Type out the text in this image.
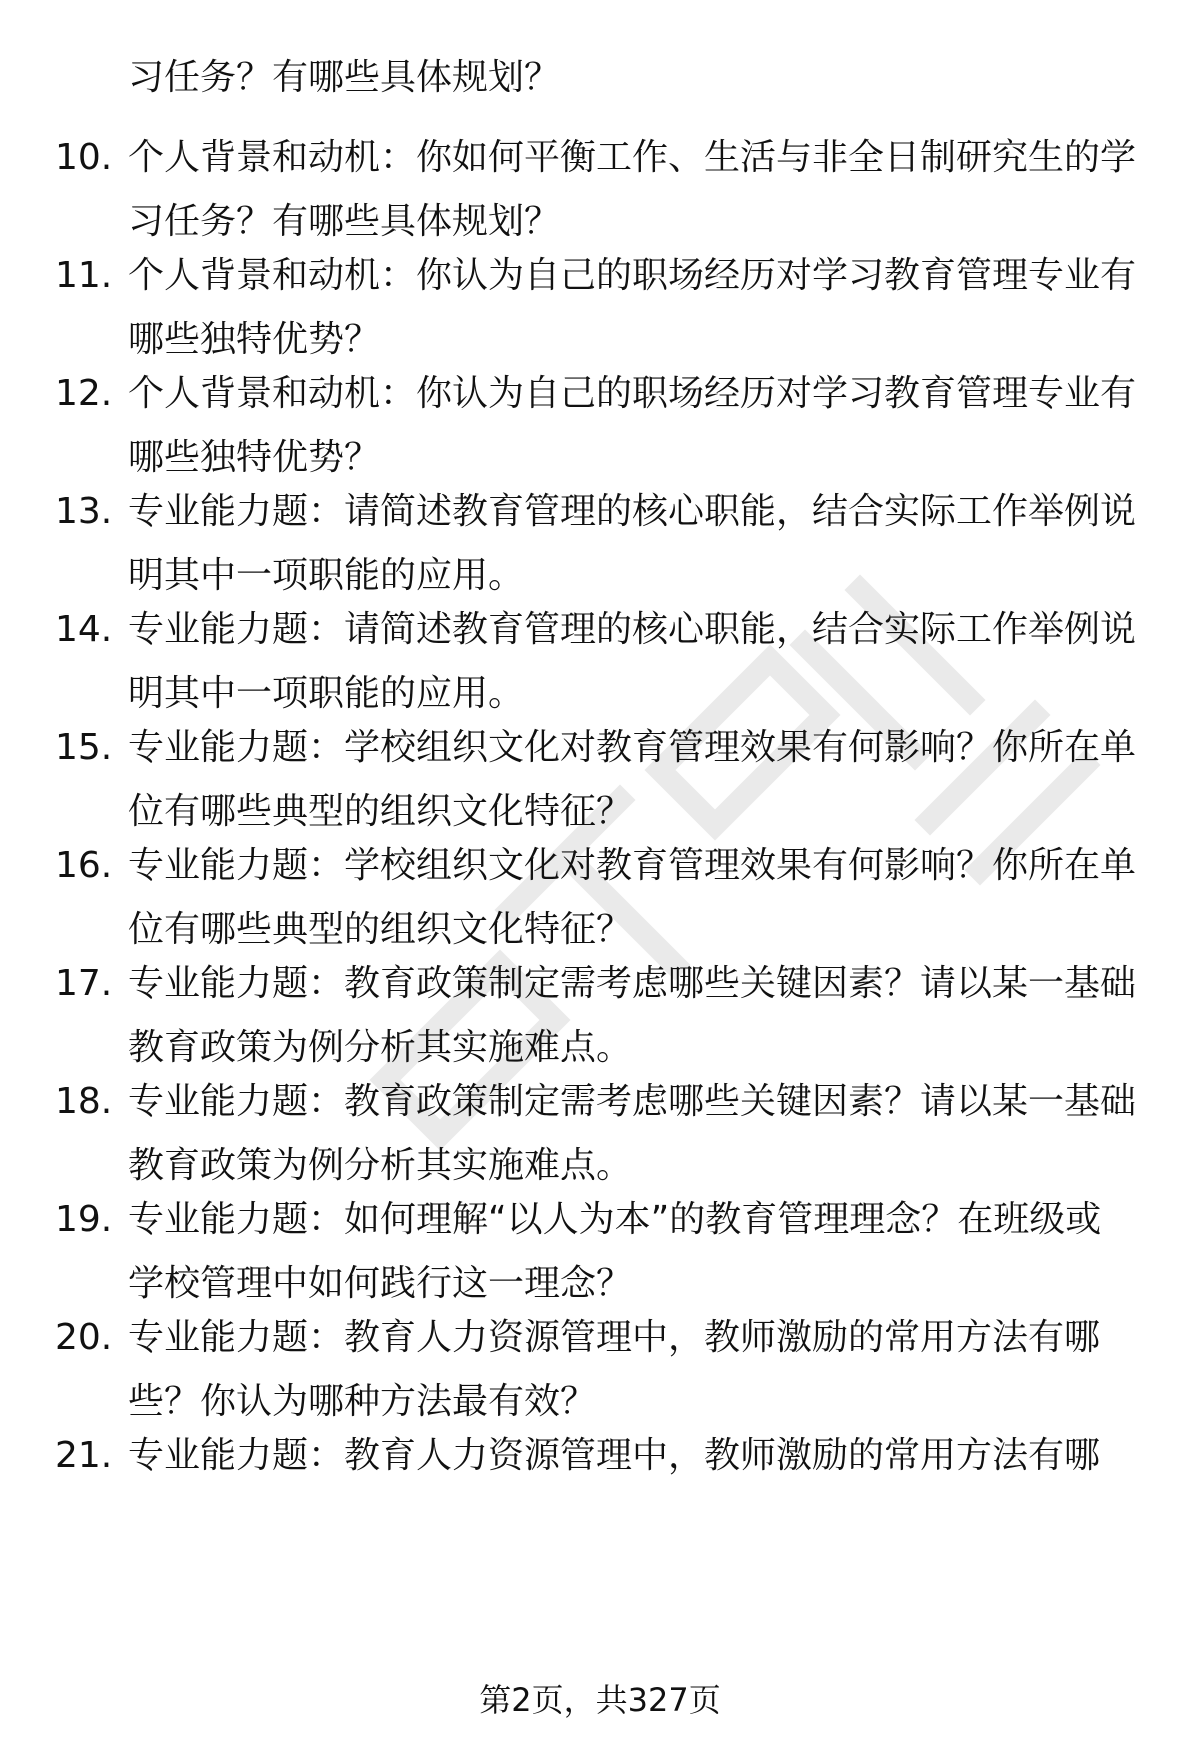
习任务？有哪些具体规划？
10. 个人背景和动机：你如何平衡工作、生活与非全日制研究生的学
习任务？有哪些具体规划？
11. 个人背景和动机：你认为自己的职场经历对学习教育管理专业有
哪些独特优势？
12. 个人背景和动机：你认为自己的职场经历对学习教育管理专业有
哪些独特优势？
13. 专业能力题：请简述教育管理的核心职能，结合实际工作举例说
明其中一项职能的应用。
14. 专业能力题：请简述教育管理的核心职能，结合实际工作举例说
明其中一项职能的应用。
15. 专业能力题：学校组织文化对教育管理效果有何影响？你所在单
位有哪些典型的组织文化特征？
16. 专业能力题：学校组织文化对教育管理效果有何影响？你所在单
位有哪些典型的组织文化特征？
17. 专业能力题：教育政策制定需考虑哪些关键因素？请以某一基础
教育政策为例分析其实施难点。
18. 专业能力题：教育政策制定需考虑哪些关键因素？请以某一基础
教育政策为例分析其实施难点。
19. 专业能力题：如何理解“以人为本”的教育管理理念？在班级或
学校管理中如何践行这一理念？
20. 专业能力题：教育人力资源管理中，教师激励的常用方法有哪
些？你认为哪种方法最有效？
21. 专业能力题：教育人力资源管理中，教师激励的常用方法有哪
第2页，共327页
